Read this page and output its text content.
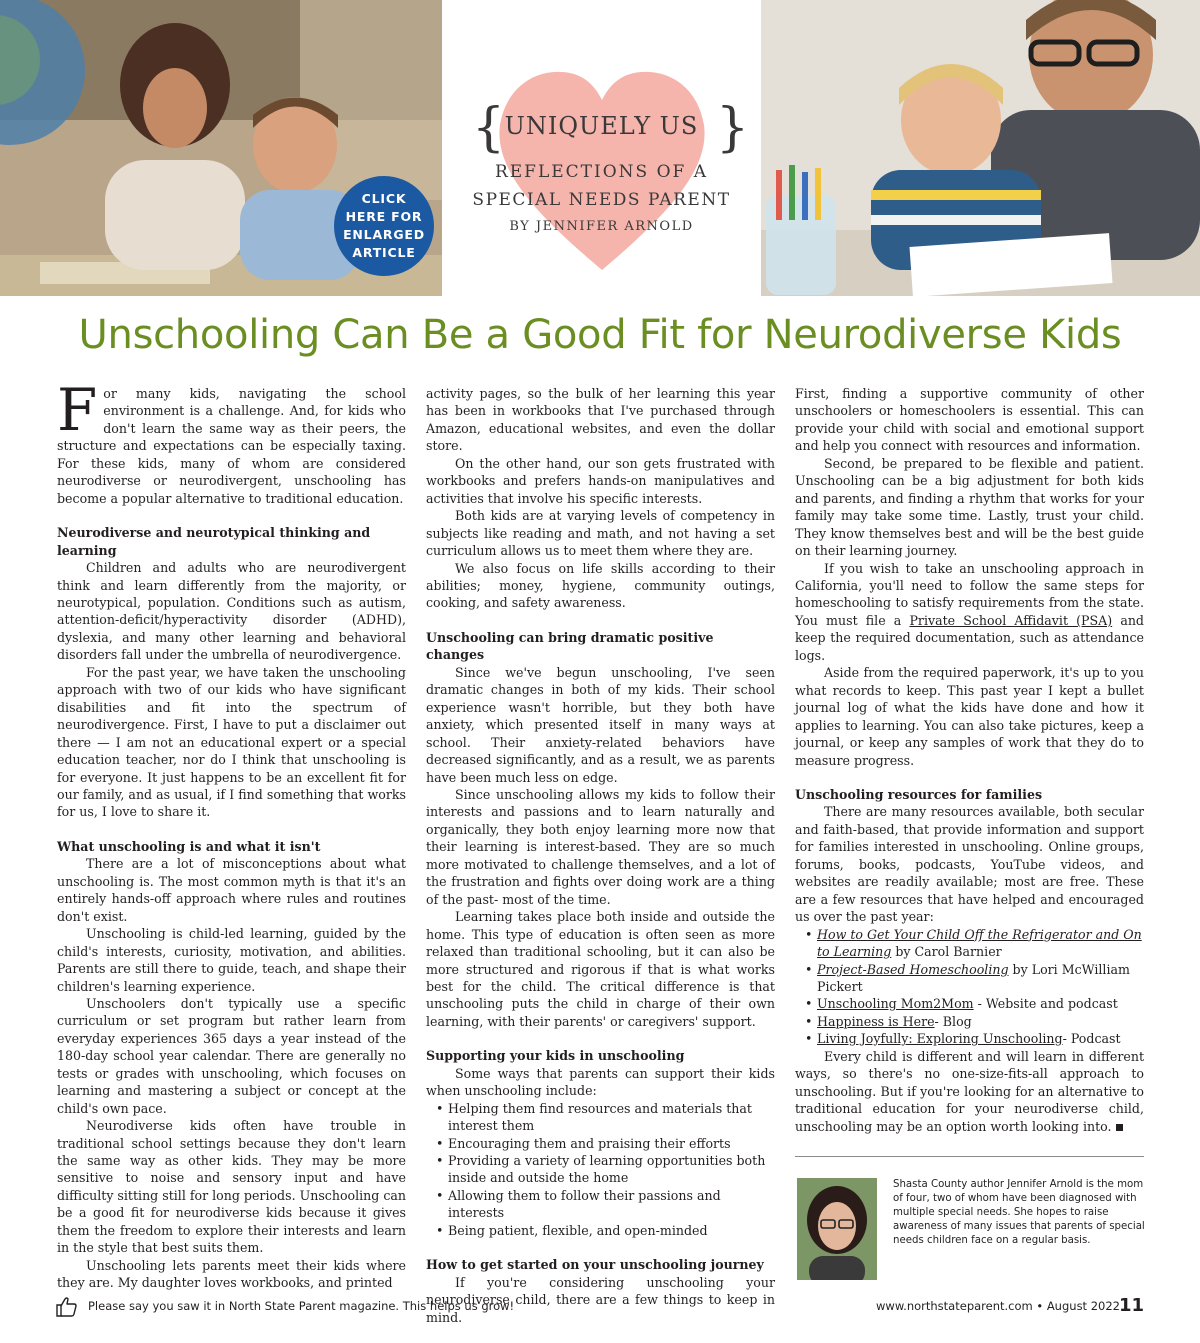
CLICK
HERE FOR
ENLARGED
ARTICLE
{	}
UNIQUELY US
REFLECTIONS OF A
SPECIAL NEEDS PARENT
BY JENNIFER ARNOLD
Unschooling Can Be a Good Fit for Neurodiverse Kids

For many kids, navigating the school environment is a challenge. And, for kids who don't learn the same way as their peers, the structure and expectations can be especially taxing. For these kids, many of whom are considered neurodiverse or neurodivergent, unschooling has become a popular alternative to traditional education.

Neurodiverse and neurotypical thinking and learning

Children and adults who are neurodivergent think and learn differently from the majority, or neurotypical, population. Conditions such as autism, attention-deficit/hyperactivity disorder (ADHD), dyslexia, and many other learning and behavioral disorders fall under the umbrella of neurodivergence.

For the past year, we have taken the unschooling approach with two of our kids who have significant disabilities and fit into the spectrum of neurodivergence. First, I have to put a disclaimer out there — I am not an educational expert or a special education teacher, nor do I think that unschooling is for everyone. It just happens to be an excellent fit for our family, and as usual, if I find something that works for us, I love to share it.

What unschooling is and what it isn't

There are a lot of misconceptions about what unschooling is. The most common myth is that it's an entirely hands-off approach where rules and routines don't exist.

Unschooling is child-led learning, guided by the child's interests, curiosity, motivation, and abilities. Parents are still there to guide, teach, and shape their children's learning experience.

Unschoolers don't typically use a specific curriculum or set program but rather learn from everyday experiences 365 days a year instead of the 180-day school year calendar. There are generally no tests or grades with unschooling, which focuses on learning and mastering a subject or concept at the child's own pace.

Neurodiverse kids often have trouble in traditional school settings because they don't learn the same way as other kids. They may be more sensitive to noise and sensory input and have difficulty sitting still for long periods. Unschooling can be a good fit for neurodiverse kids because it gives them the freedom to explore their interests and learn in the style that best suits them.

Unschooling lets parents meet their kids where they are. My daughter loves workbooks, and printed

activity pages, so the bulk of her learning this year has been in workbooks that I've purchased through Amazon, educational websites, and even the dollar store.

On the other hand, our son gets frustrated with workbooks and prefers hands-on manipulatives and activities that involve his specific interests.

Both kids are at varying levels of competency in subjects like reading and math, and not having a set curriculum allows us to meet them where they are.

We also focus on life skills according to their abilities; money, hygiene, community outings, cooking, and safety awareness.

Unschooling can bring dramatic positive changes

Since we've begun unschooling, I've seen dramatic changes in both of my kids. Their school experience wasn't horrible, but they both have anxiety, which presented itself in many ways at school. Their anxiety-related behaviors have decreased significantly, and as a result, we as parents have been much less on edge.

Since unschooling allows my kids to follow their interests and passions and to learn naturally and organically, they both enjoy learning more now that their learning is interest-based. They are so much more motivated to challenge themselves, and a lot of the frustration and fights over doing work are a thing of the past- most of the time.

Learning takes place both inside and outside the home. This type of education is often seen as more relaxed than traditional schooling, but it can also be more structured and rigorous if that is what works best for the child. The critical difference is that unschooling puts the child in charge of their own learning, with their parents' or caregivers' support.

Supporting your kids in unschooling

Some ways that parents can support their kids when unschooling include:

• Helping them find resources and materials that interest them
• Encouraging them and praising their efforts
• Providing a variety of learning opportunities both inside and outside the home
• Allowing them to follow their passions and interests
• Being patient, flexible, and open-minded
How to get started on your unschooling journey

If you're considering unschooling your neurodiverse child, there are a few things to keep in mind.

First, finding a supportive community of other unschoolers or homeschoolers is essential. This can provide your child with social and emotional support and help you connect with resources and information.

Second, be prepared to be flexible and patient. Unschooling can be a big adjustment for both kids and parents, and finding a rhythm that works for your family may take some time. Lastly, trust your child. They know themselves best and will be the best guide on their learning journey.

If you wish to take an unschooling approach in California, you'll need to follow the same steps for homeschooling to satisfy requirements from the state. You must file a Private School Affidavit (PSA) and keep the required documentation, such as attendance logs.

Aside from the required paperwork, it's up to you what records to keep. This past year I kept a bullet journal log of what the kids have done and how it applies to learning. You can also take pictures, keep a journal, or keep any samples of work that they do to measure progress.

Unschooling resources for families

There are many resources available, both secular and faith-based, that provide information and support for families interested in unschooling. Online groups, forums, books, podcasts, YouTube videos, and websites are readily available; most are free. These are a few resources that have helped and encouraged us over the past year:

• How to Get Your Child Off the Refrigerator and On to Learning by Carol Barnier
• Project-Based Homeschooling by Lori McWilliam Pickert
• Unschooling Mom2Mom - Website and podcast
• Happiness is Here- Blog
• Living Joyfully: Exploring Unschooling- Podcast

Every child is different and will learn in different ways, so there's no one-size-fits-all approach to unschooling. But if you're looking for an alternative to traditional education for your neurodiverse child, unschooling may be an option worth looking into.

Shasta County author Jennifer Arnold is the mom of four, two of whom have been diagnosed with multiple special needs. She hopes to raise awareness of many issues that parents of special needs children face on a regular basis.
Please say you saw it in North State Parent magazine. This helps us grow!	www.northstateparent.com • August 2022
11
